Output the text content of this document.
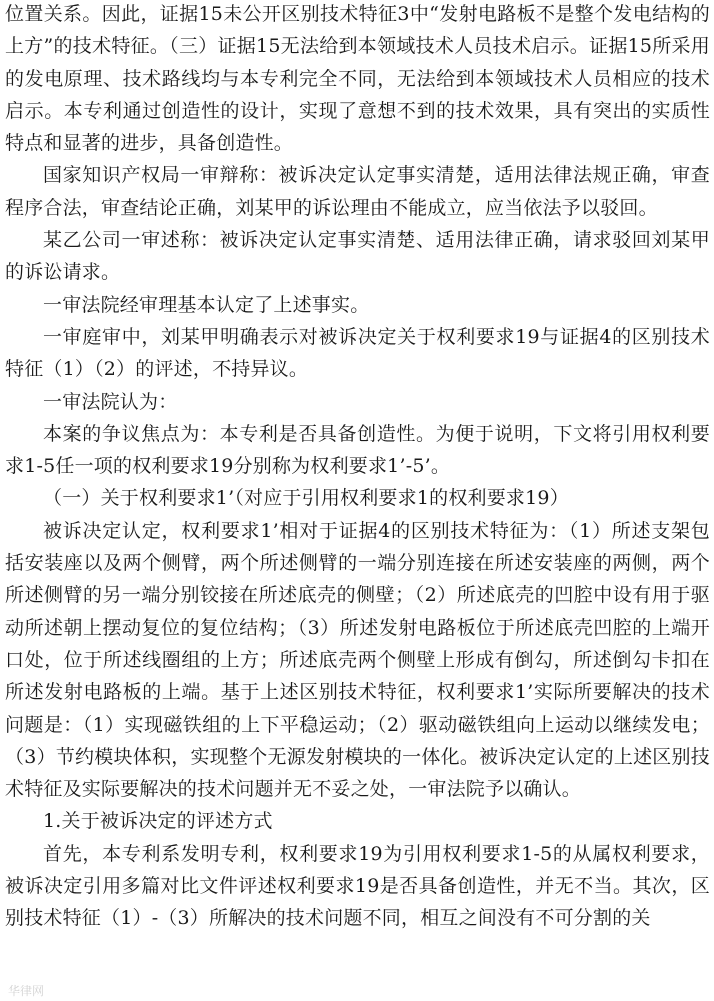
位置关系。因此，证据15未公开区别技术特征3中“发射电路板不是整个发电结构的上方”的技术特征。（三）证据15无法给到本领域技术人员技术启示。证据15所采用的发电原理、技术路线均与本专利完全不同，无法给到本领域技术人员相应的技术启示。本专利通过创造性的设计，实现了意想不到的技术效果，具有突出的实质性特点和显著的进步，具备创造性。

国家知识产权局一审辩称：被诉决定认定事实清楚，适用法律法规正确，审查程序合法，审查结论正确，刘某甲的诉讼理由不能成立，应当依法予以驳回。

某乙公司一审述称：被诉决定认定事实清楚、适用法律正确，请求驳回刘某甲的诉讼请求。

一审法院经审理基本认定了上述事实。

一审庭审中，刘某甲明确表示对被诉决定关于权利要求19与证据4的区别技术特征（1）（2）的评述，不持异议。

一审法院认为：

本案的争议焦点为：本专利是否具备创造性。为便于说明，下文将引用权利要求1-5任一项的权利要求19分别称为权利要求1’-5’。

（一）关于权利要求1’（对应于引用权利要求1的权利要求19）

被诉决定认定，权利要求1’相对于证据4的区别技术特征为：（1）所述支架包括安装座以及两个侧臂，两个所述侧臂的一端分别连接在所述安装座的两侧，两个所述侧臂的另一端分别铰接在所述底壳的侧壁；（2）所述底壳的凹腔中设有用于驱动所述朝上摆动复位的复位结构；（3）所述发射电路板位于所述底壳凹腔的上端开口处，位于所述线圈组的上方；所述底壳两个侧壁上形成有倒勾，所述倒勾卡扣在所述发射电路板的上端。基于上述区别技术特征，权利要求1’实际所要解决的技术问题是：（1）实现磁铁组的上下平稳运动；（2）驱动磁铁组向上运动以继续发电；（3）节约模块体积，实现整个无源发射模块的一体化。被诉决定认定的上述区别技术特征及实际要解决的技术问题并无不妥之处，一审法院予以确认。

1.关于被诉决定的评述方式

首先，本专利系发明专利，权利要求19为引用权利要求1-5的从属权利要求，被诉决定引用多篇对比文件评述权利要求19是否具备创造性，并无不当。其次，区别技术特征（1）-（3）所解决的技术问题不同，相互之间没有不可分割的关

华律网
